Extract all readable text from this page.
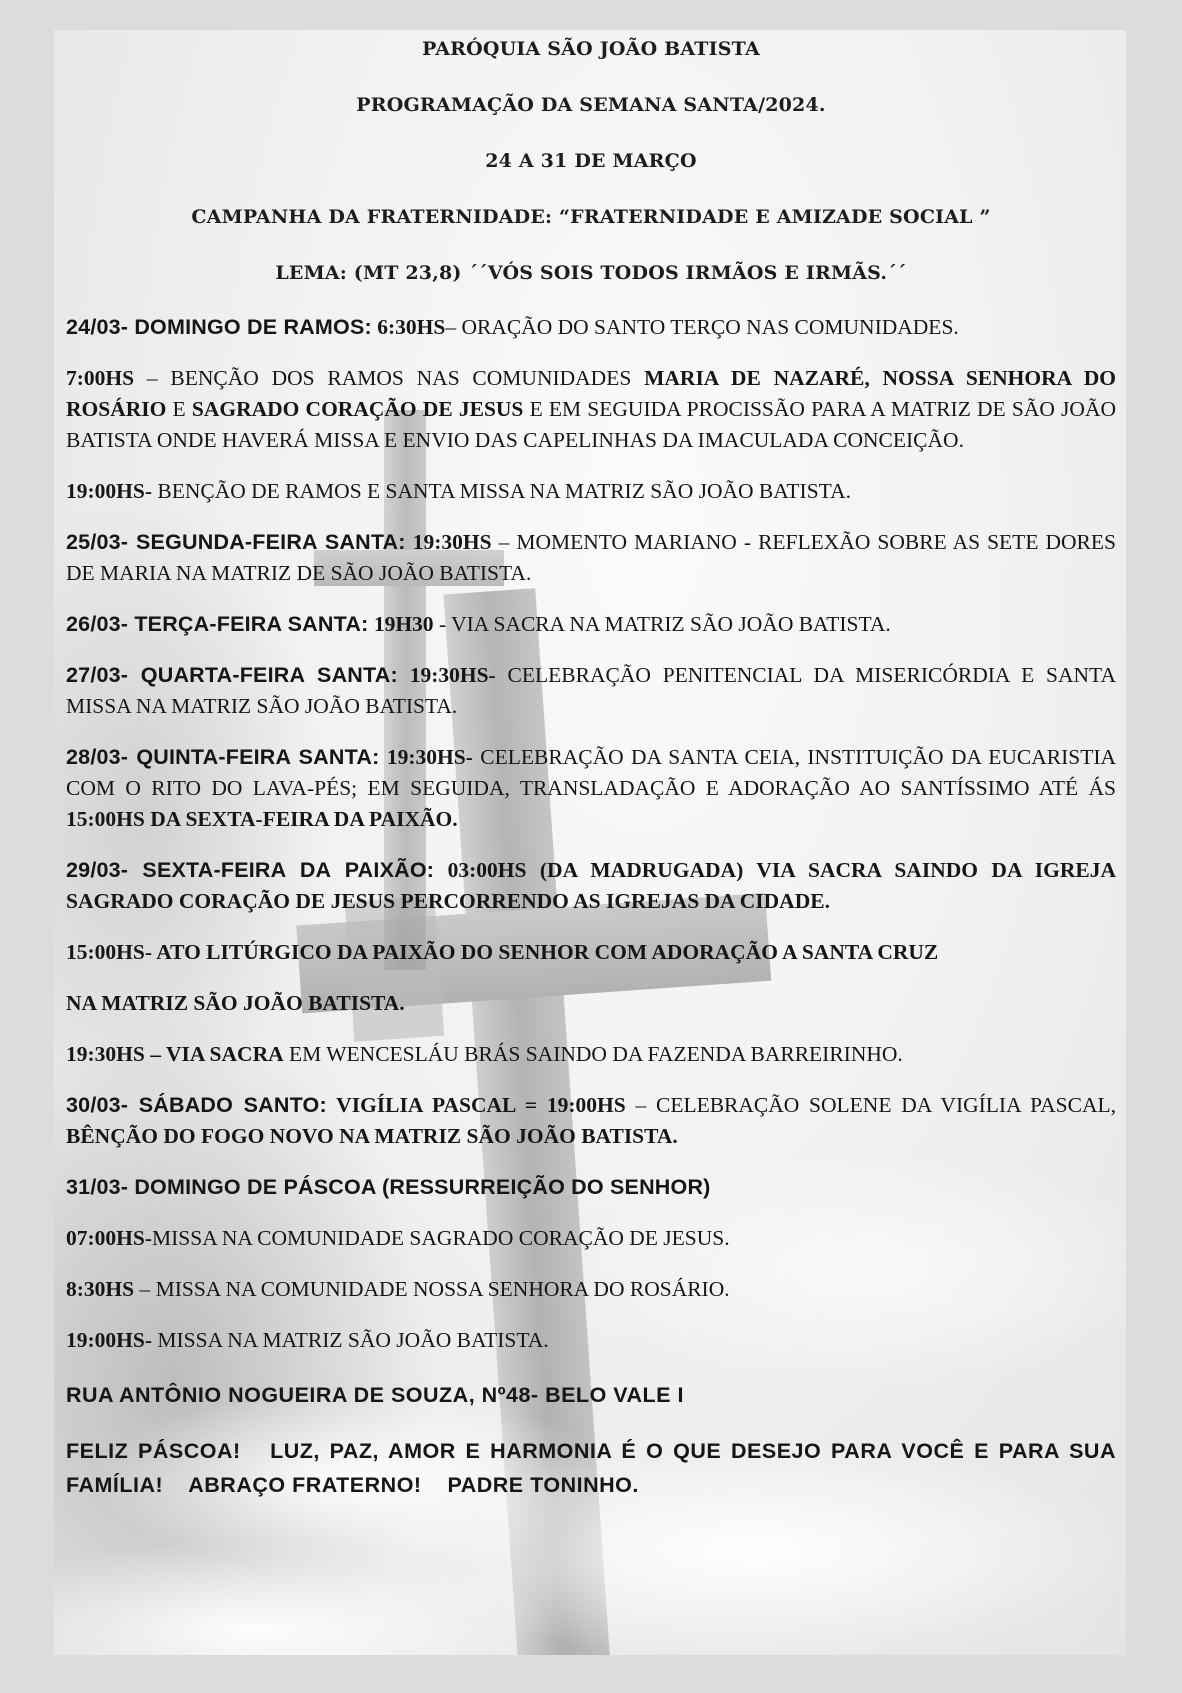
PARÓQUIA SÃO JOÃO BATISTA
PROGRAMAÇÃO DA SEMANA SANTA/2024.
24 A 31 DE MARÇO
CAMPANHA DA FRATERNIDADE: “FRATERNIDADE E AMIZADE SOCIAL ”
LEMA: (MT 23,8) ´´VÓS SOIS TODOS IRMÃOS E IRMÃS.´´

24/03- DOMINGO DE RAMOS: 6:30HS– ORAÇÃO DO SANTO TERÇO NAS COMUNIDADES.

7:00HS – BENÇÃO DOS RAMOS NAS COMUNIDADES MARIA DE NAZARÉ, NOSSA SENHORA DO ROSÁRIO E SAGRADO CORAÇÃO DE JESUS E EM SEGUIDA PROCISSÃO PARA A MATRIZ DE SÃO JOÃO BATISTA ONDE HAVERÁ MISSA E ENVIO DAS CAPELINHAS DA IMACULADA CONCEIÇÃO.

19:00HS- BENÇÃO DE RAMOS E SANTA MISSA NA MATRIZ SÃO JOÃO BATISTA.

25/03- SEGUNDA-FEIRA SANTA: 19:30HS – MOMENTO MARIANO - REFLEXÃO SOBRE AS SETE DORES DE MARIA NA MATRIZ DE SÃO JOÃO BATISTA.

26/03- TERÇA-FEIRA SANTA: 19H30 - VIA SACRA NA MATRIZ SÃO JOÃO BATISTA.

27/03- QUARTA-FEIRA SANTA: 19:30HS- CELEBRAÇÃO PENITENCIAL DA MISERICÓRDIA E SANTA MISSA NA MATRIZ SÃO JOÃO BATISTA.

28/03- QUINTA-FEIRA SANTA: 19:30HS- CELEBRAÇÃO DA SANTA CEIA, INSTITUIÇÃO DA EUCARISTIA COM O RITO DO LAVA-PÉS; EM SEGUIDA, TRANSLADAÇÃO E ADORAÇÃO AO SANTÍSSIMO ATÉ ÁS 15:00HS DA SEXTA-FEIRA DA PAIXÃO.

29/03- SEXTA-FEIRA DA PAIXÃO: 03:00HS (DA MADRUGADA) VIA SACRA SAINDO DA IGREJA SAGRADO CORAÇÃO DE JESUS PERCORRENDO AS IGREJAS DA CIDADE.

15:00HS- ATO LITÚRGICO DA PAIXÃO DO SENHOR COM ADORAÇÃO A SANTA CRUZ

NA MATRIZ SÃO JOÃO BATISTA.

19:30HS – VIA SACRA EM WENCESLÁU BRÁS SAINDO DA FAZENDA BARREIRINHO.

30/03- SÁBADO SANTO: VIGÍLIA PASCAL = 19:00HS – CELEBRAÇÃO SOLENE DA VIGÍLIA PASCAL, BÊNÇÃO DO FOGO NOVO NA MATRIZ SÃO JOÃO BATISTA.

31/03- DOMINGO DE PÁSCOA (RESSURREIÇÃO DO SENHOR)

07:00HS-MISSA NA COMUNIDADE SAGRADO CORAÇÃO DE JESUS.

8:30HS – MISSA NA COMUNIDADE NOSSA SENHORA DO ROSÁRIO.

19:00HS- MISSA NA MATRIZ SÃO JOÃO BATISTA.

RUA ANTÔNIO NOGUEIRA DE SOUZA, Nº48- BELO VALE I

FELIZ PÁSCOA!   LUZ, PAZ, AMOR E HARMONIA É O QUE DESEJO PARA VOCÊ E PARA SUA FAMÍLIA!    ABRAÇO FRATERNO!    PADRE TONINHO.
